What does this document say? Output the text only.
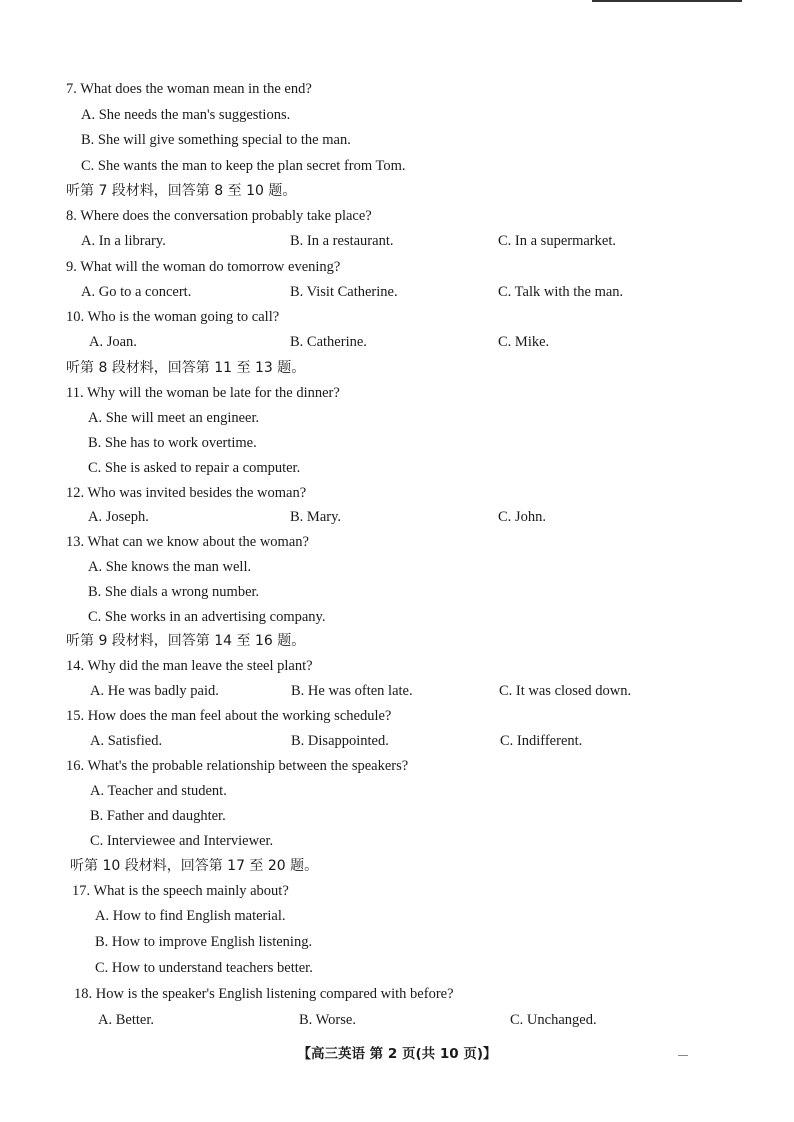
7. What does the woman mean in the end?
A. She needs the man's suggestions.
B. She will give something special to the man.
C. She wants the man to keep the plan secret from Tom.
听第 7 段材料，回答第 8 至 10 题。
8. Where does the conversation probably take place?
A. In a library.	B. In a restaurant.	C. In a supermarket.
9. What will the woman do tomorrow evening?
A. Go to a concert.	B. Visit Catherine.	C. Talk with the man.
10. Who is the woman going to call?
A. Joan.	B. Catherine.	C. Mike.
听第 8 段材料，回答第 11 至 13 题。
11. Why will the woman be late for the dinner?
A. She will meet an engineer.
B. She has to work overtime.
C. She is asked to repair a computer.
12. Who was invited besides the woman?
A. Joseph.	B. Mary.	C. John.
13. What can we know about the woman?
A. She knows the man well.
B. She dials a wrong number.
C. She works in an advertising company.
听第 9 段材料，回答第 14 至 16 题。
14. Why did the man leave the steel plant?
A. He was badly paid.	B. He was often late.	C. It was closed down.
15. How does the man feel about the working schedule?
A. Satisfied.	B. Disappointed.	C. Indifferent.
16. What's the probable relationship between the speakers?
A. Teacher and student.
B. Father and daughter.
C. Interviewee and Interviewer.
听第 10 段材料，回答第 17 至 20 题。
17. What is the speech mainly about?
A. How to find English material.
B. How to improve English listening.
C. How to understand teachers better.
18. How is the speaker's English listening compared with before?
A. Better.	B. Worse.	C. Unchanged.
【高三英语 第 2 页(共 10 页)】
